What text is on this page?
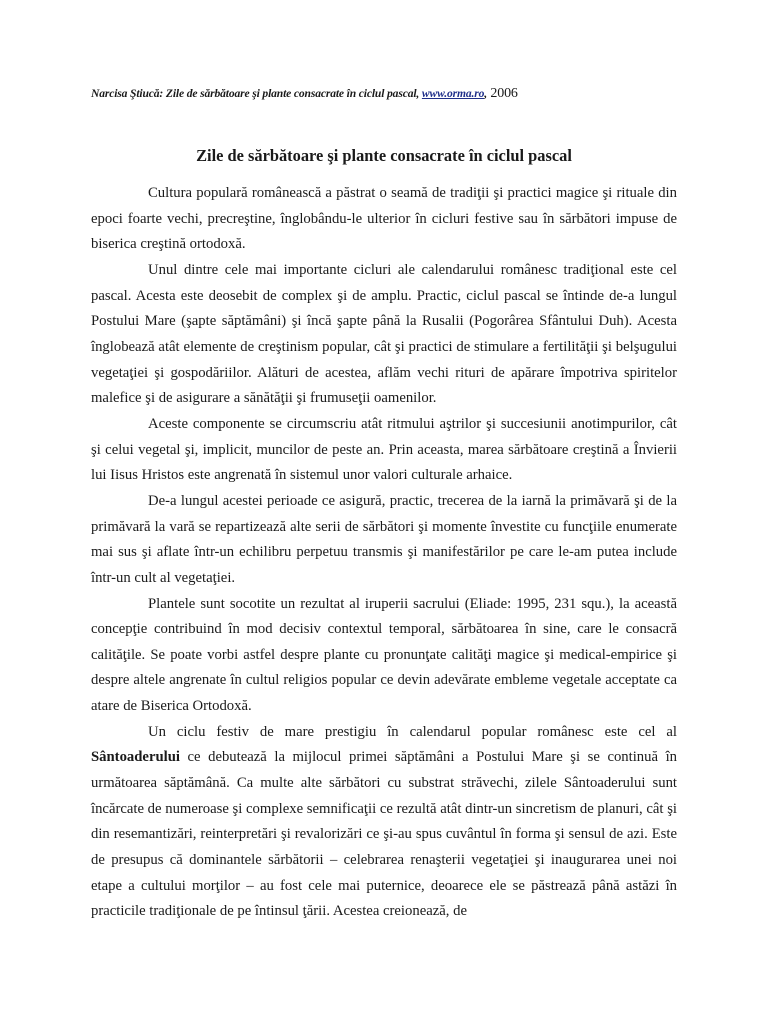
Narcisa Ştiucă: Zile de sărbătoare şi plante consacrate în ciclul pascal, www.orma.ro, 2006
Zile de sărbătoare şi plante consacrate în ciclul pascal

Cultura populară românească a păstrat o seamă de tradiţii şi practici magice şi rituale din epoci foarte vechi, precreştine, înglobându-le ulterior în cicluri festive sau în sărbători impuse de biserica creştină ortodoxă.

Unul dintre cele mai importante cicluri ale calendarului românesc tradiţional este cel pascal. Acesta este deosebit de complex şi de amplu. Practic, ciclul pascal se întinde de-a lungul Postului Mare (şapte săptămâni) şi încă şapte până la Rusalii (Pogorârea Sfântului Duh). Acesta înglobează atât elemente de creştinism popular, cât şi practici de stimulare a fertilităţii şi belşugului vegetaţiei şi gospodăriilor. Alături de acestea, aflăm vechi rituri de apărare împotriva spiritelor malefice şi de asigurare a sănătăţii şi frumuseţii oamenilor.

Aceste componente se circumscriu atât ritmului aştrilor şi succesiunii anotimpurilor, cât şi celui vegetal şi, implicit, muncilor de peste an. Prin aceasta, marea sărbătoare creştină a Învierii lui Iisus Hristos este angrenată în sistemul unor valori culturale arhaice.

De-a lungul acestei perioade ce asigură, practic, trecerea de la iarnă la primăvară şi de la primăvară la vară se repartizează alte serii de sărbători şi momente învestite cu funcţiile enumerate mai sus şi aflate într-un echilibru perpetuu transmis şi manifestărilor pe care le-am putea include într-un cult al vegetaţiei.

Plantele sunt socotite un rezultat al iruperii sacrului (Eliade: 1995, 231 squ.), la această concepţie contribuind în mod decisiv contextul temporal, sărbătoarea în sine, care le consacră calităţile. Se poate vorbi astfel despre plante cu pronunţate calităţi magice şi medical-empirice şi despre altele angrenate în cultul religios popular ce devin adevărate embleme vegetale acceptate ca atare de Biserica Ortodoxă.

Un ciclu festiv de mare prestigiu în calendarul popular românesc este cel al Sântoaderului ce debutează la mijlocul primei săptămâni a Postului Mare şi se continuă în următoarea săptămână. Ca multe alte sărbători cu substrat străvechi, zilele Sântoaderului sunt încărcate de numeroase şi complexe semnificaţii ce rezultă atât dintr-un sincretism de planuri, cât şi din resemantizări, reinterpretări şi revalorizări ce şi-au spus cuvântul în forma şi sensul de azi. Este de presupus că dominantele sărbătorii – celebrarea renaşterii vegetaţiei şi inaugurarea unei noi etape a cultului morţilor – au fost cele mai puternice, deoarece ele se păstrează până astăzi în practicile tradiţionale de pe întinsul ţării. Acestea creionează, de
